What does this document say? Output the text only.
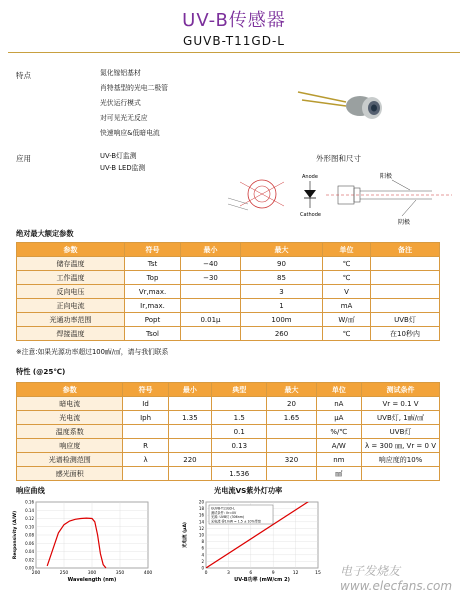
UV-B传感器
GUVB-T11GD-L
特点	氮化镓铝基材
肖特基型的光电二极管
光伏运行模式
对可见光无反应
快速响应&低暗电流
应用	UV-B灯监测
UV-B LED监测
外形图和尺寸
Anode
Cathode
阳极
阴极
绝对最大额定参数
参数	符号	最小	最大	单位	备注
储存温度	Tst	−40	90	℃	
工作温度	Top	−30	85	℃	
反向电压	Vr,max.		3	V	
正向电流	Ir,max.		1	mA	
光通功率范围	Popt	0.01μ	100m	W/㎠	UVB灯
焊接温度	Tsol		260	℃	在10秒内
※注意:如果光源功率超过100㎽/㎠，请与我们联系
特性 (@25℃)
参数	符号	最小	典型	最大	单位	测试条件
暗电流	Id			20	nA	Vr = 0.1 V
光电流	Iph	1.35	1.5	1.65	μA	UVB灯, 1㎽/㎠
温度系数			0.1		%/℃	UVB灯
响应度	R		0.13		A/W	λ = 300 ㎚, Vr = 0 V
光谱检测范围	λ	220		320	nm	响应度的10%
感光面积			1.536		㎟	
响应曲线	光电流VS紫外灯功率
0.00
0.02
0.04
0.06
0.08
0.10
0.12
0.14
0.16
200	250	300	350	400
Wavelength (nm)
Responsivity (A/W)
0
2
4
6
8
10
12
14
16
18
20
0	3	6	9	12	15
UV-B功率 (mW/cm 2)
光电流 (μA)
GUVB-T11GD-L
测试条件: Vr=0V
光源: UVB灯 (306nm)
光电流 @1mW = 1.5 ± 10%带宽
电子发烧友 www.elecfans.com
